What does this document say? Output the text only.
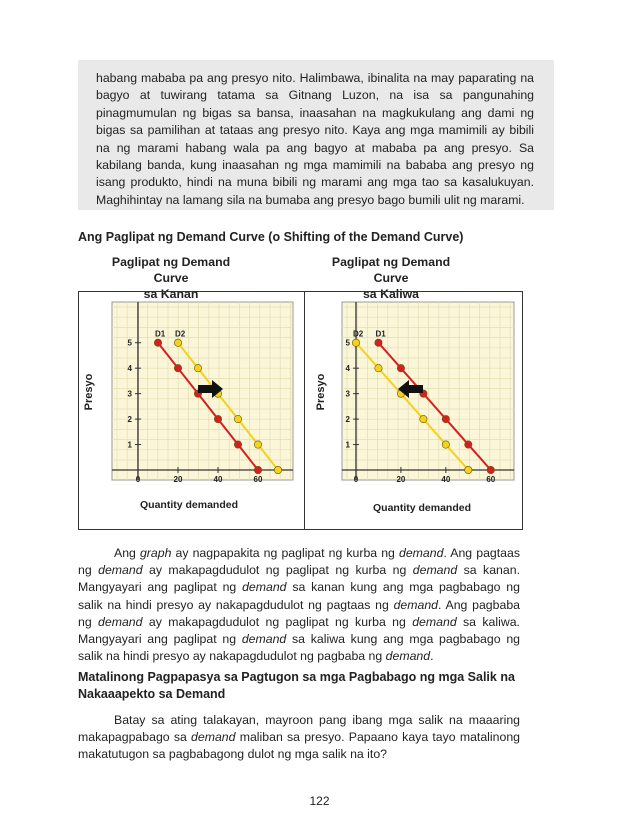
habang mababa pa ang presyo nito. Halimbawa, ibinalita na may paparating na bagyo at tuwirang tatama sa Gitnang Luzon, na isa sa pangunahing pinagmumulan ng bigas sa bansa, inaasahan na magkukulang ang dami ng bigas sa pamilihan at tataas ang presyo nito. Kaya ang mga mamimili ay bibili na ng marami habang wala pa ang bagyo at mababa pa ang presyo. Sa kabilang banda, kung inaasahan ng mga mamimili na bababa ang presyo ng isang produkto, hindi na muna bibili ng marami ang mga tao sa kasalukuyan. Maghihintay na lamang sila na bumaba ang presyo bago bumili ulit ng marami.
Ang Paglipat ng Demand Curve (o Shifting of the Demand Curve)
Paglipat ng Demand Curve
sa Kanan
Paglipat ng Demand Curve
sa Kaliwa
0	20	40	60
1
2
3
4
5
D1 D2
Presyo
Quantity demanded
0	20	40	60
1
2
3
4
5
D1
D2
Presyo
Quantity demanded
Ang graph ay nagpapakita ng paglipat ng kurba ng demand. Ang pagtaas ng demand ay makapagdudulot ng paglipat ng kurba ng demand sa kanan. Mangyayari ang paglipat ng demand sa kanan kung ang mga pagbabago ng salik na hindi presyo ay nakapagdudulot ng pagtaas ng demand. Ang pagbaba ng demand ay makapagdudulot ng paglipat ng kurba ng demand sa kaliwa. Mangyayari ang paglipat ng demand sa kaliwa kung ang mga pagbabago ng salik na hindi presyo ay nakapagdudulot ng pagbaba ng demand.
Matalinong Pagpapasya sa Pagtugon sa mga Pagbabago ng mga Salik na Nakaaapekto sa Demand
Batay sa ating talakayan, mayroon pang ibang mga salik na maaaring makapagpabago sa demand maliban sa presyo. Papaano kaya tayo matalinong makatutugon sa pagbabagong dulot ng mga salik na ito?
122
